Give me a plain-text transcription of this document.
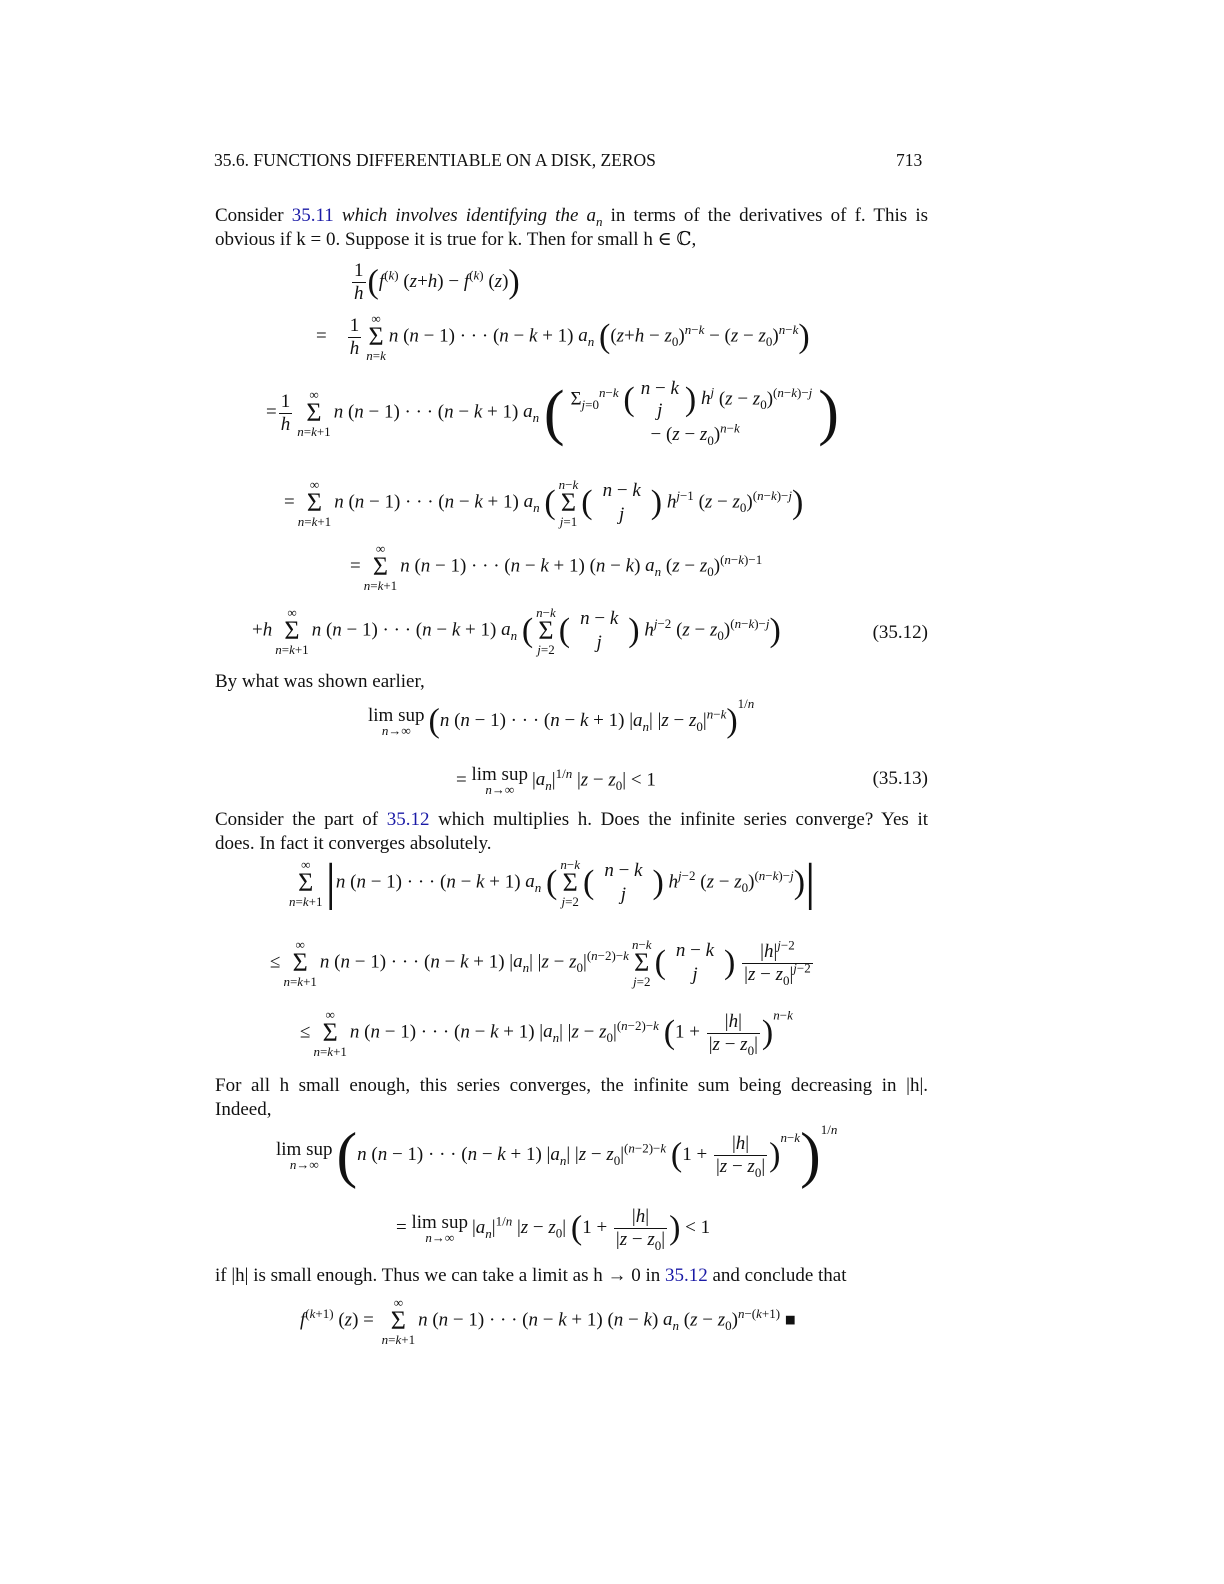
35.6. FUNCTIONS DIFFERENTIABLE ON A DISK, ZEROS	713
Consider 35.11 which involves identifying the $a_n$ in terms of the derivatives of f. This is
obvious if k = 0. Suppose it is true for k. Then for small h ∈ ℂ,
$\frac{1}{h} (f^{(k)}$ $(z+h) - f^{(k)}$ (z))
= $\frac{1}{h}$ ∞
Σ
n=k
n (n − 1) · · · (n − k + 1) $a_n$ $((z+h - z_0)^{n-k} - (z - z_0)^{n-k})$
= $\frac{1}{h}$	∞
Σ
n=k+1
n (n − 1) · · · (n − k + 1) $a_n$ ( $\Sigma_{j=0}^{n-k}$ ( n − k
j ) $h^j$ $(z - z_0)^{(n-k)-j}$
− $(z - z_0)^{n-k}$	)
=
∞
Σ
n=k+1
n (n − 1) · · · (n − k + 1) $a_n$ ( n−k
Σ
j=1
( n − k
j ) $h^{j-1}$ $(z - z_0)^{(n-k)-j}$)
=
∞
Σ
n=k+1
n (n − 1) · · · (n − k + 1) (n − k) $a_n$ $(z - z_0)^{(n-k)-1}$
+h
∞
Σ
n=k+1
n (n − 1) · · · (n − k + 1) $a_n$ ( n−k
Σ
j=2
( n − k
j ) $h^{j-2}$ $(z - z_0)^{(n-k)-j}$)	(35.12)
By what was shown earlier,
lim sup
n→∞ (n (n − 1) · · · (n − k + 1) $|a_n|$ $|z - z_0|^{n-k})^{1/n}$
= lim sup
n→∞ $|a_n|^{1/n}$ $|z - z_0| < 1$	(35.13)
Consider the part of 35.12 which multiplies h. Does the infinite series converge? Yes it
does. In fact it converges absolutely.
∞
Σ
n=k+1 |n (n − 1) · · · (n − k + 1) $a_n$ ( n−k
Σ
j=2
( n − k
j ) $h^{j-2}$ $(z - z_0)^{(n-k)-j})|$
≤
∞
Σ
n=k+1
n (n − 1) · · · (n − k + 1) $|a_n|$ $|z - z_0|^{(n-2)-k}$
n−k
Σ
j=2
( n − k
j ) $\frac{|h|^{j-2}}{|z - z_0|^{j-2}}$
≤
∞
Σ
n=k+1
n (n − 1) · · · (n − k + 1) $|a_n|$ $|z - z_0|^{(n-2)-k}$ $(1 + \frac{|h|}{|z - z_0|} )^{n-k}$
For all h small enough, this series converges, the infinite sum being decreasing in |h|.
Indeed,
lim sup
n→∞ (n (n − 1) · · · (n − k + 1) $|a_n|$ $|z - z_0|^{(n-2)-k}$ $(1 + \frac{|h|}{|z - z_0|} )^{n-k})^{1/n}$
= lim sup
n→∞ $|a_n|^{1/n}$ $|z - z_0|$ ($1 + \frac{|h|}{|z - z_0|}$ ) < 1
if |h| is small enough. Thus we can take a limit as h → 0 in 35.12 and conclude that
$f^{(k+1)}$ (z) =
∞
Σ
n=k+1
n (n − 1) · · · (n − k + 1) (n − k) $a_n$ $(z - z_0)^{n-(k+1)}$ ■
